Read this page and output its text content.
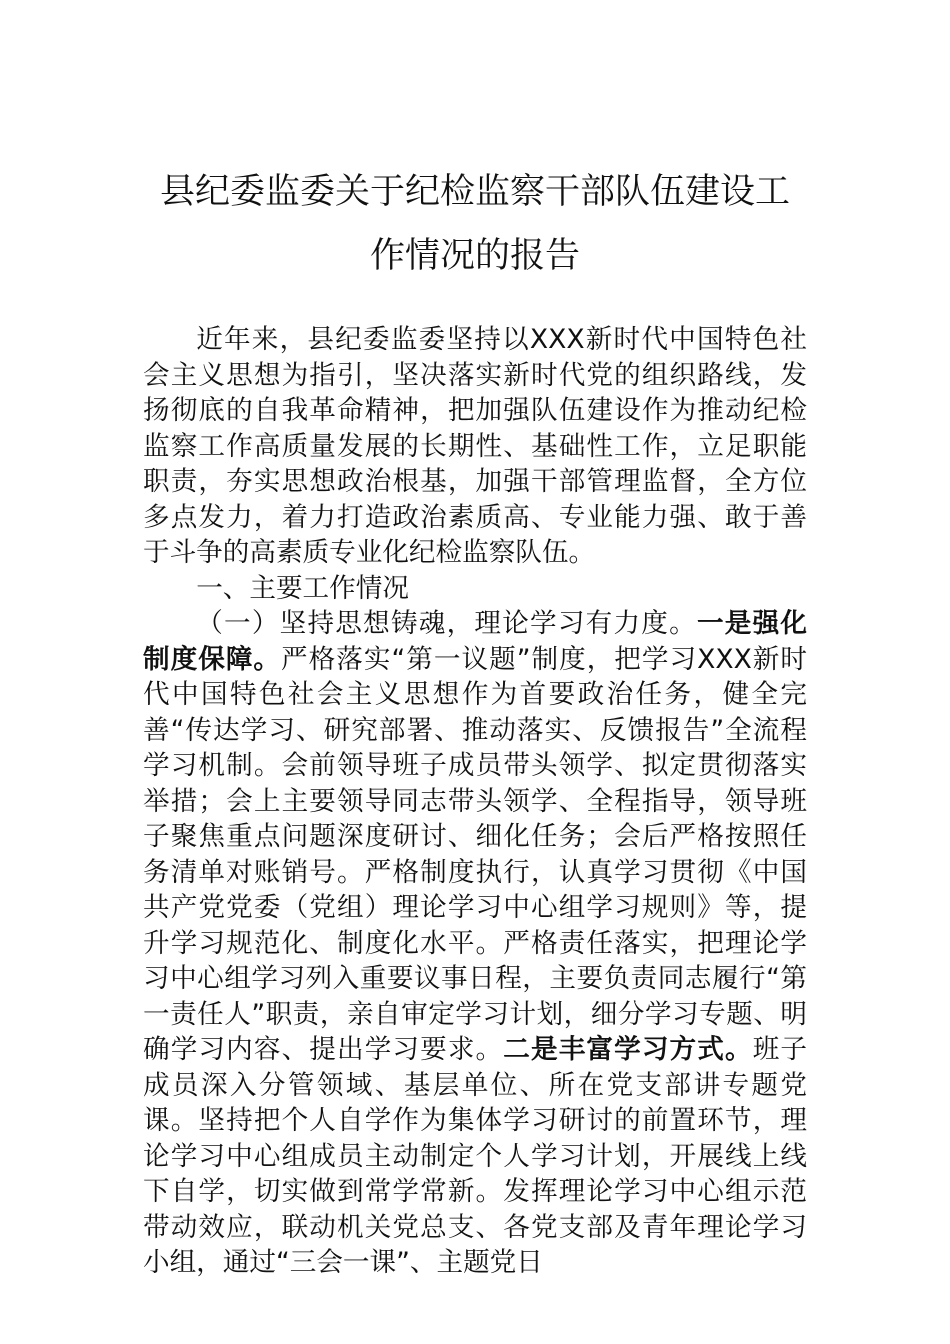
县纪委监委关于纪检监察干部队伍建设工
作情况的报告

近年来，县纪委监委坚持以XXX新时代中国特色社会主义思想为指引，坚决落实新时代党的组织路线，发扬彻底的自我革命精神，把加强队伍建设作为推动纪检监察工作高质量发展的长期性、基础性工作，立足职能职责，夯实思想政治根基，加强干部管理监督，全方位多点发力，着力打造政治素质高、专业能力强、敢于善于斗争的高素质专业化纪检监察队伍。

一、主要工作情况

（一）坚持思想铸魂，理论学习有力度。一是强化制度保障。严格落实“第一议题”制度，把学习XXX新时代中国特色社会主义思想作为首要政治任务，健全完善“传达学习、研究部署、推动落实、反馈报告”全流程学习机制。会前领导班子成员带头领学、拟定贯彻落实举措；会上主要领导同志带头领学、全程指导，领导班子聚焦重点问题深度研讨、细化任务；会后严格按照任务清单对账销号。严格制度执行，认真学习贯彻《中国共产党党委（党组）理论学习中心组学习规则》等，提升学习规范化、制度化水平。严格责任落实，把理论学习中心组学习列入重要议事日程，主要负责同志履行“第一责任人”职责，亲自审定学习计划，细分学习专题、明确学习内容、提出学习要求。二是丰富学习方式。班子成员深入分管领域、基层单位、所在党支部讲专题党课。坚持把个人自学作为集体学习研讨的前置环节，理论学习中心组成员主动制定个人学习计划，开展线上线下自学，切实做到常学常新。发挥理论学习中心组示范带动效应，联动机关党总支、各党支部及青年理论学习小组，通过“三会一课”、主题党日
